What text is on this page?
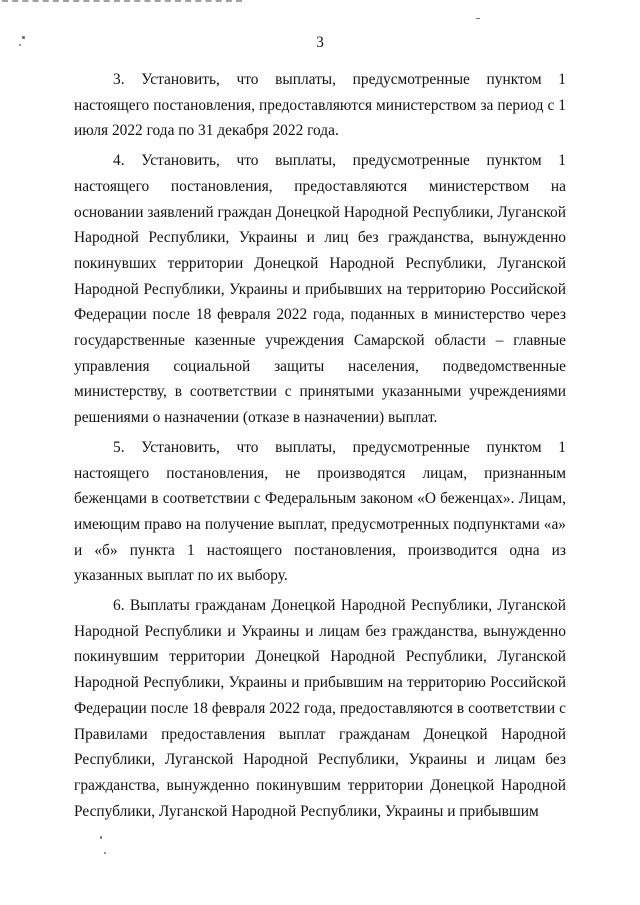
3

3. Установить, что выплаты, предусмотренные пунктом 1 настоящего постановления, предоставляются министерством за период с 1 июля 2022 года по 31 декабря 2022 года.

4. Установить, что выплаты, предусмотренные пунктом 1 настоящего постановления, предоставляются министерством на основании заявлений граждан Донецкой Народной Республики, Луганской Народной Республики, Украины и лиц без гражданства, вынужденно покинувших территории Донецкой Народной Республики, Луганской Народной Республики, Украины и прибывших на территорию Российской Федерации после 18 февраля 2022 года, поданных в министерство через государственные казенные учреждения Самарской области – главные управления социальной защиты населения, подведомственные министерству, в соответствии с принятыми указанными учреждениями решениями о назначении (отказе в назначении) выплат.

5. Установить, что выплаты, предусмотренные пунктом 1 настоящего постановления, не производятся лицам, признанным беженцами в соответствии с Федеральным законом «О беженцах». Лицам, имеющим право на получение выплат, предусмотренных подпунктами «а» и «б» пункта 1 настоящего постановления, производится одна из указанных выплат по их выбору.

6. Выплаты гражданам Донецкой Народной Республики, Луганской Народной Республики и Украины и лицам без гражданства, вынужденно покинувшим территории Донецкой Народной Республики, Луганской Народной Республики, Украины и прибывшим на территорию Российской Федерации после 18 февраля 2022 года, предоставляются в соответствии с Правилами предоставления выплат гражданам Донецкой Народной Республики, Луганской Народной Республики, Украины и лицам без гражданства, вынужденно покинувшим территории Донецкой Народной Республики, Луганской Народной Республики, Украины и прибывшим
